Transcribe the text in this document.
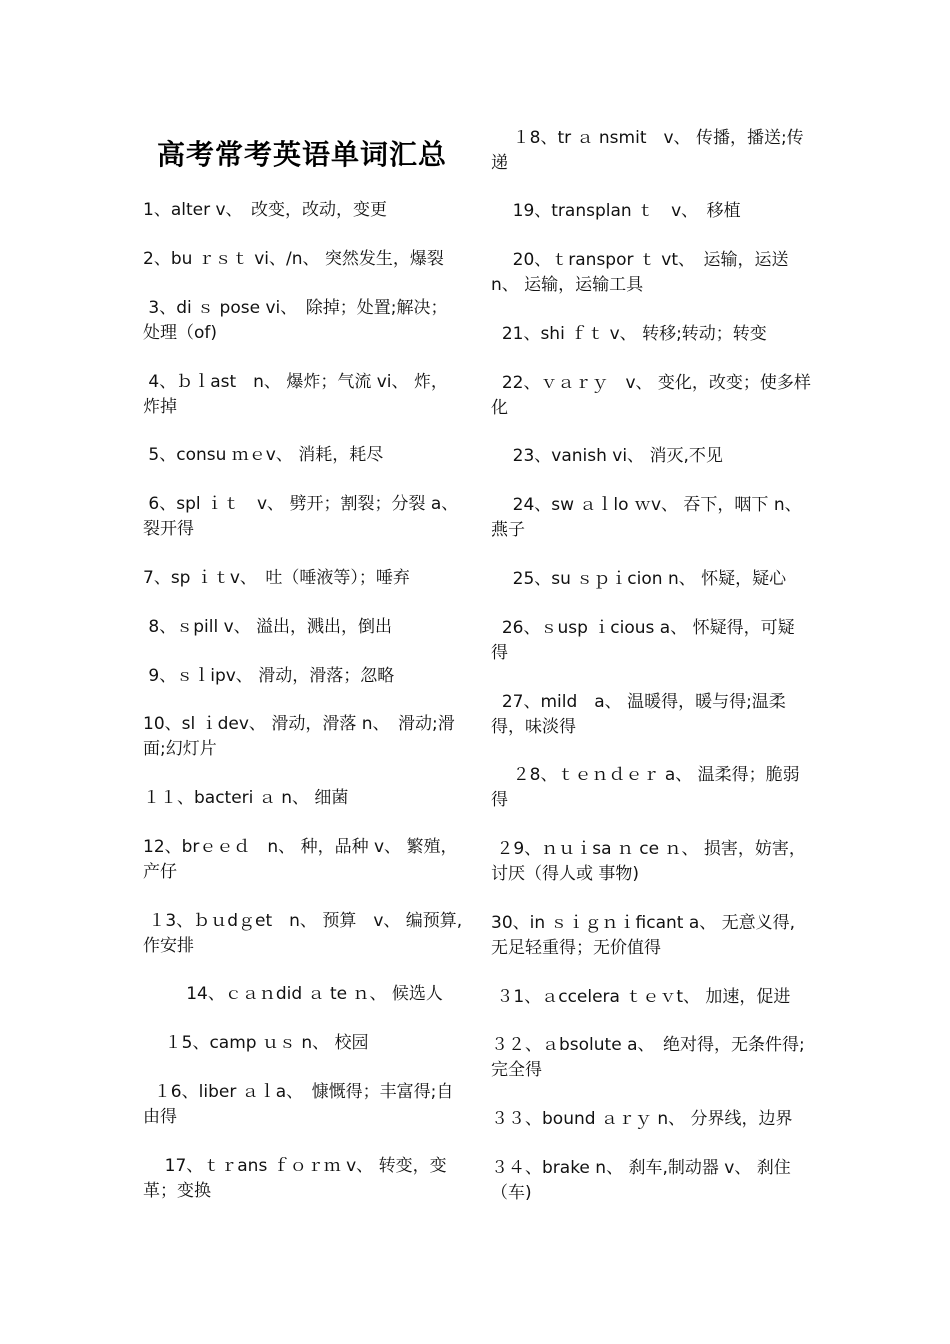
高考常考英语单词汇总
1、alter v、　改变，改动，变更
2、bu ｒｓｔ vi、/n、 突然发生，爆裂
3、di ｓ pose vi、　除掉；处置;解决；处理（of)
4、ｂｌast　n、 爆炸；气流 vi、 炸，炸掉
5、consu ｍｅv、 消耗，耗尽
6、spl ｉｔ　v、 劈开；割裂；分裂 a、裂开得
7、sp ｉｔv、　吐（唾液等）；唾弃
8、ｓpill v、 溢出，溅出，倒出
9、ｓｌipv、 滑动，滑落；忽略
10、sl ｉdev、 滑动，滑落 n、　滑动;滑面;幻灯片
１１、bacteri ａ n、 细菌
12、brｅｅｄ　n、 种，品种 v、 繁殖，产仔
１3、ｂｕdｇet　n、 预算　v、 编预算,作安排
14、ｃａｎdid ａ te ｎ、 候选人
１5、camp ｕｓ n、 校园
１6、liber ａｌa、　慷慨得；丰富得;自由得
17、ｔｒans ｆｏｒｍ v、 转变，变革；变换
１8、tr ａ nsmit　v、 传播，播送;传递
19、transplan ｔ　v、　移植
20、ｔranspor ｔ vt、　运输，运送 n、 运输，运输工具
21、shi ｆｔ v、 转移;转动；转变
22、ｖａｒｙ　v、 变化，改变；使多样化
23、vanish vi、 消灭,不见
24、sw ａｌlo ｗv、 吞下，咽下 n、　燕子
25、su ｓｐｉcion n、 怀疑，疑心
26、ｓusp ｉcious a、 怀疑得，可疑得
27、mild　a、 温暖得，暖与得;温柔得，味淡得
２8、ｔｅｎｄｅｒ a、 温柔得；脆弱得
２9、ｎｕｉsa ｎ ce ｎ、 损害，妨害，讨厌（得人或 事物)
30、in ｓｉｇｎｉficant a、 无意义得,无足轻重得；无价值得
３1、ａccelera ｔｅｖt、 加速，促进
３２、ａbsolute a、　绝对得，无条件得;完全得
３３、bound ａｒｙ n、 分界线，边界
３４、brake n、 刹车,制动器 v、 刹住（车)
